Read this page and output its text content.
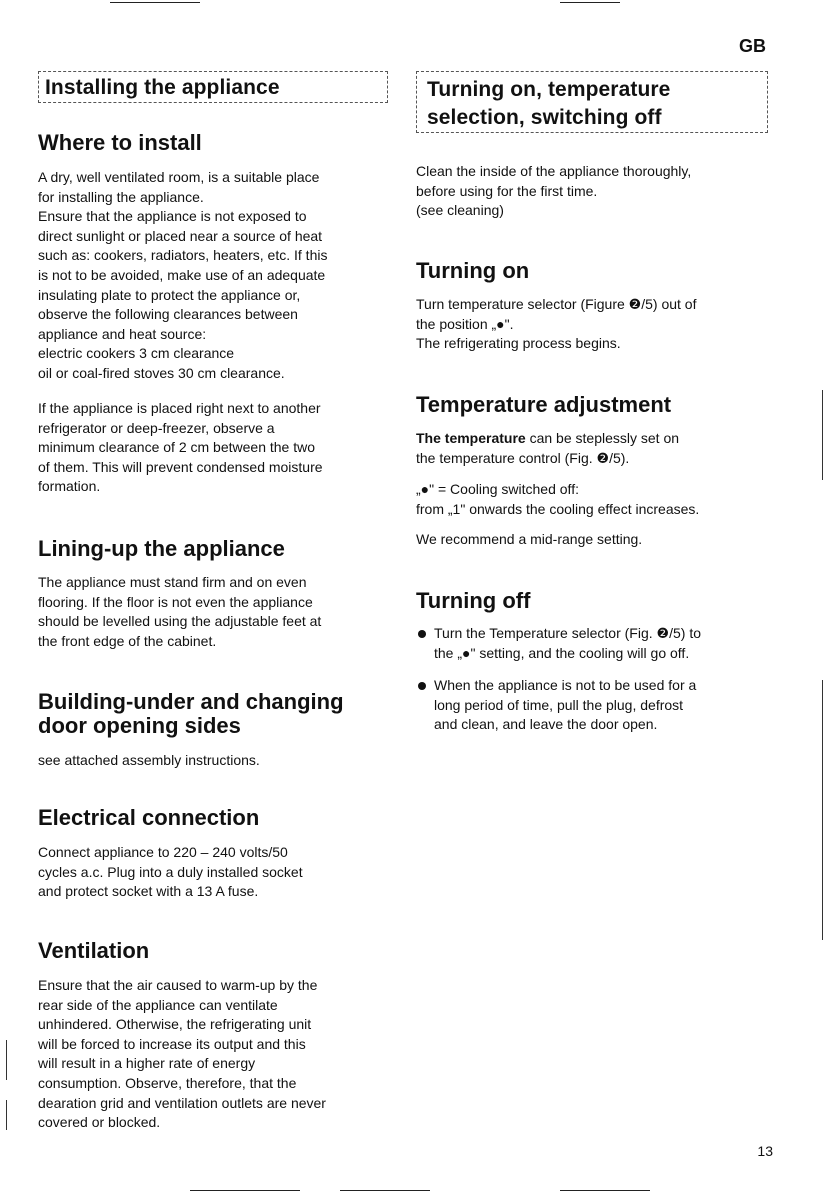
GB
13
Installing the appliance
Where to install
A dry, well ventilated room, is a suitable place
for installing the appliance.
Ensure that the appliance is not exposed to
direct sunlight or placed near a source of heat
such as: cookers, radiators, heaters, etc. If this
is not to be avoided, make use of an adequate
insulating plate to protect the appliance or,
observe the following clearances between
appliance and heat source:
electric cookers 3 cm clearance
oil or coal-fired stoves 30 cm clearance.
If the appliance is placed right next to another
refrigerator or deep-freezer, observe a
minimum clearance of 2 cm between the two
of them. This will prevent condensed moisture
formation.
Lining-up the appliance
The appliance must stand firm and on even
flooring. If the floor is not even the appliance
should be levelled using the adjustable feet at
the front edge of the cabinet.
Building-under and changing
door opening sides
see attached assembly instructions.
Electrical connection
Connect appliance to 220 – 240 volts/50
cycles a.c. Plug into a duly installed socket
and protect socket with a 13 A fuse.
Ventilation
Ensure that the air caused to warm-up by the
rear side of the appliance can ventilate
unhindered. Otherwise, the refrigerating unit
will be forced to increase its output and this
will result in a higher rate of energy
consumption. Observe, therefore, that the
dearation grid and ventilation outlets are never
covered or blocked.
Turning on, temperature
selection, switching off
Clean the inside of the appliance thoroughly,
before using for the first time.
(see cleaning)
Turning on
Turn temperature selector (Figure ❷/5) out of
the position „●".
The refrigerating process begins.
Temperature adjustment
The temperature can be steplessly set on
the temperature control (Fig. ❷/5).
„●" = Cooling switched off:
from „1" onwards the cooling effect increases.
We recommend a mid-range setting.
Turning off
Turn the Temperature selector (Fig. ❷/5) to
the „●" setting, and the cooling will go off.
When the appliance is not to be used for a
long period of time, pull the plug, defrost
and clean, and leave the door open.
